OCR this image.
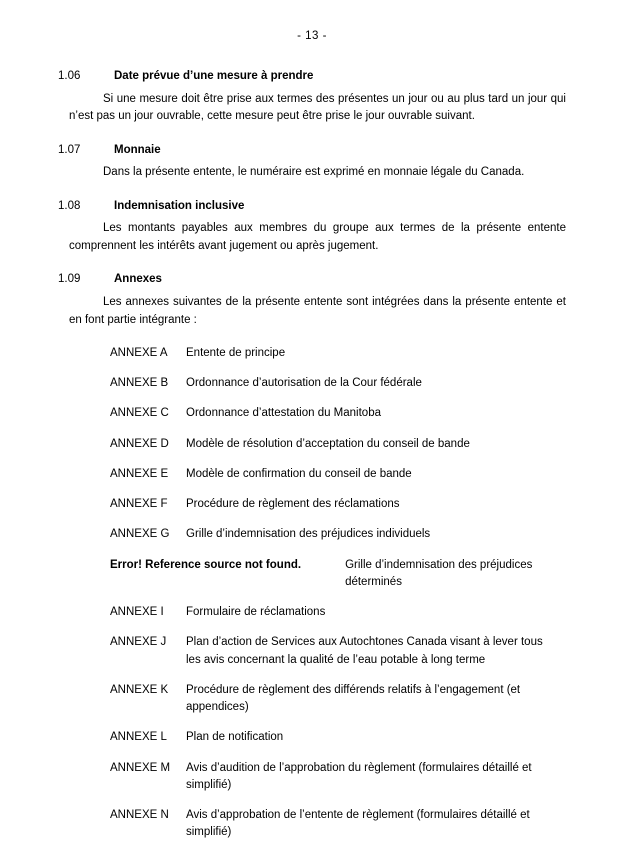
- 13 -
1.06	Date prévue d’une mesure à prendre

Si une mesure doit être prise aux termes des présentes un jour ou au plus tard un jour qui n’est pas un jour ouvrable, cette mesure peut être prise le jour ouvrable suivant.

1.07	Monnaie

Dans la présente entente, le numéraire est exprimé en monnaie légale du Canada.

1.08	Indemnisation inclusive

Les montants payables aux membres du groupe aux termes de la présente entente comprennent les intérêts avant jugement ou après jugement.

1.09	Annexes

Les annexes suivantes de la présente entente sont intégrées dans la présente entente et en font partie intégrante :

ANNEXE A	Entente de principe
ANNEXE B	Ordonnance d’autorisation de la Cour fédérale
ANNEXE C	Ordonnance d’attestation du Manitoba
ANNEXE D	Modèle de résolution d’acceptation du conseil de bande
ANNEXE E	Modèle de confirmation du conseil de bande
ANNEXE F	Procédure de règlement des réclamations
ANNEXE G	Grille d’indemnisation des préjudices individuels
Error! Reference source not found.	Grille d’indemnisation des préjudices déterminés
ANNEXE I	Formulaire de réclamations
ANNEXE J	Plan d’action de Services aux Autochtones Canada visant à lever tous les avis concernant la qualité de l’eau potable à long terme
ANNEXE K	Procédure de règlement des différends relatifs à l’engagement (et appendices)
ANNEXE L	Plan de notification
ANNEXE M	Avis d’audition de l’approbation du règlement (formulaires détaillé et simplifié)
ANNEXE N	Avis d’approbation de l’entente de règlement (formulaires détaillé et simplifié)
